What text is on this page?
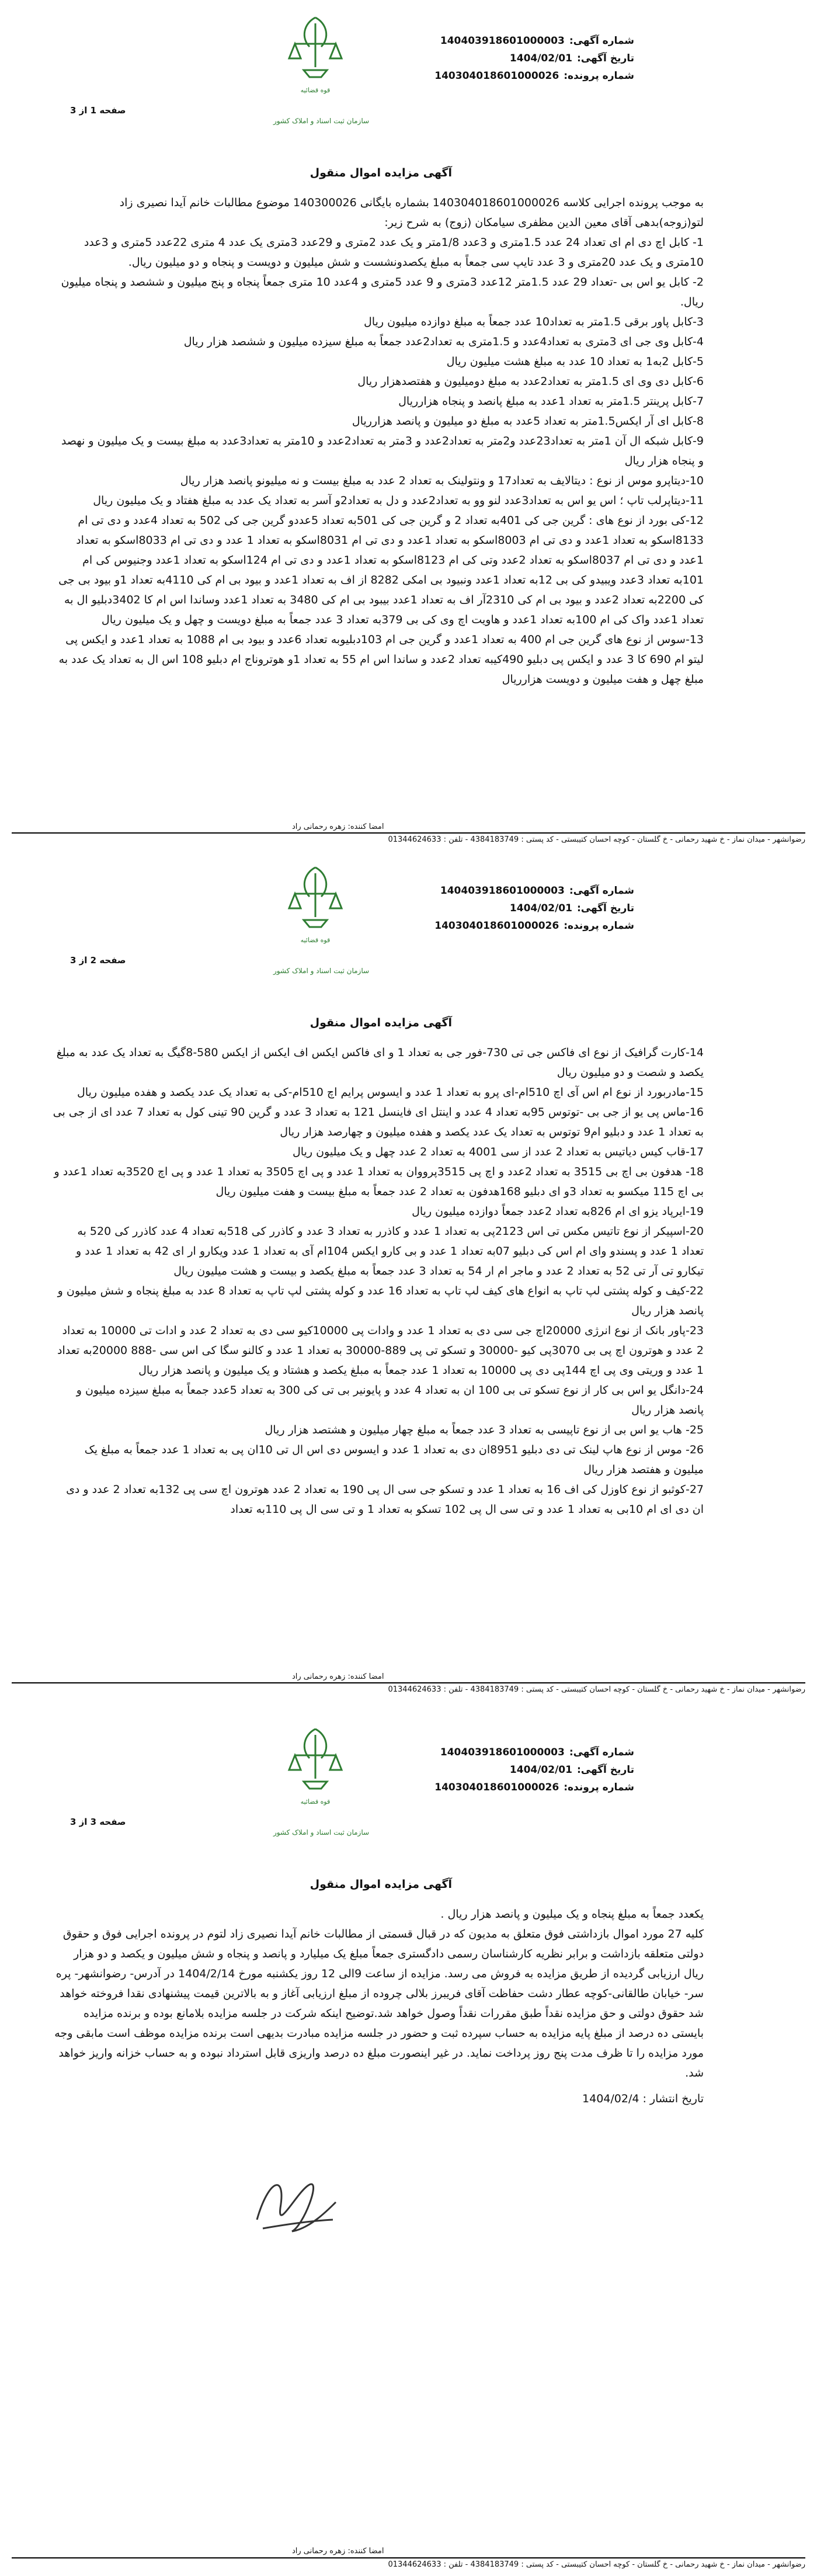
قوه قضائیه
سازمان ثبت اسناد و املاک کشور
شماره آگهی:140403918601000003
تاریخ آگهی:1404/02/01
شماره پرونده:140304018601000026
صفحه 1 از 3
آگهی مزایده اموال منقول

به موجب پرونده اجرایی کلاسه 140304018601000026 بشماره بایگانی 140300026 موضوع مطالبات خانم آیدا نصیری زاد لتو(زوجه)بدهی آقای معین الدین مظفری سیامکان (زوج) به شرح زیر:

1- کابل اچ دی ام ای تعداد 24 عدد 1.5متری و 3عدد 1/8متر و یک عدد 2متری و 29عدد 3متری یک عدد 4 متری 22عدد 5متری و 3عدد 10متری و یک عدد 20متری و 3 عدد تایپ سی جمعاً به مبلغ یکصدونشست و شش میلیون و دویست و پنجاه و دو میلیون ریال.

2- کابل یو اس بی -تعداد 29 عدد 1.5متر 12عدد 3متری و 9 عدد 5متری و 4عدد 10 متری جمعاً پنجاه و پنج میلیون و ششصد و پنجاه میلیون ریال.

3-کابل پاور برقی 1.5متر به تعداد10 عدد جمعاً به مبلغ دوازده میلیون ریال

4-کابل وی جی ای 3متری به تعداد4عدد و 1.5متری به تعداد2عدد جمعاً به مبلغ سیزده میلیون و ششصد هزار ریال

5-کابل 2به1 به تعداد 10 عدد به مبلغ هشت میلیون ریال

6-کابل دی وی ای 1.5متر به تعداد2عدد به مبلغ دومیلیون و هفتصدهزار ریال

7-کابل پرینتر 1.5متر به تعداد 1عدد به مبلغ پانصد و پنجاه هزارریال

8-کابل ای آر ایکس1.5متر به تعداد 5عدد به مبلغ دو میلیون و پانصد هزارریال

9-کابل شبکه ال آن 1متر به تعداد23عدد و2متر به تعداد2عدد و 3متر به تعداد2عدد و 10متر به تعداد3عدد به مبلغ بیست و یک میلیون و نهصد و پنجاه هزار ریال

10-دیتاپرو موس از نوع : دیتالایف به تعداد17 و ونتولینک به تعداد 2 عدد به مبلغ بیست و نه میلیونو پانصد هزار ریال

11-دیتاپرلب تاپ ؛ اس یو اس به تعداد3عدد لنو وو به تعداد2عدد و دل به تعداد2و آسر به تعداد یک عدد به مبلغ هفتاد و یک میلیون ریال

12-کی بورد از نوع های : گرین جی کی 401به تعداد 2 و گرین جی کی 501به تعداد 5عددو گرین جی کی 502 به تعداد 4عدد و دی تی ام 8133اسکو به تعداد 1عدد و دی تی ام 8003اسکو به تعداد 1عدد و دی تی ام 8031اسکو به تعداد 1 عدد و دی تی ام 8033اسکو به تعداد 1عدد و دی تی ام 8037اسکو به تعداد 2عدد وتی کی ام 8123اسکو به تعداد 1عدد و دی تی ام 124اسکو به تعداد 1عدد وجنیوس کی ام 101به تعداد 3عدد ویبیدو کی بی 12به تعداد 1عدد ونبیود بی امکی 8282 از اف به تعداد 1عدد و بیود بی ام کی 4110به تعداد 1و بیود بی جی کی 2200به تعداد 2عدد و بیود بی ام کی 2310آر اف به تعداد 1عدد بیبود بی ام کی 3480 به تعداد 1عدد وساندا اس ام کا 3402دبلیو ال به تعداد 1عدد واک کی ام 100به تعداد 1عدد و هاویت اچ وی کی بی 379به تعداد 3 عدد جمعاً به مبلغ دویست و چهل و یک میلیون ریال

13-سوس از نوع های گرین جی ام 400 به تعداد 1عدد و گرین جی ام 103دبلیوبه تعداد 6عدد و بیود بی ام 1088 به تعداد 1عدد و ایکس پی لیتو ام 690 کا 3 عدد و ایکس پی دبلیو 490کیبه تعداد 2عدد و ساندا اس ام 55 به تعداد 1و هوتروناج ام دبلیو 108 اس ال به تعداد یک عدد به مبلغ چهل و هفت میلیون و دویست هزارریال

امضا کننده: زهره رحمانی راد
رضوانشهر - میدان نماز - خ شهید رحمانی - خ گلستان - کوچه احسان کتیبستی - کد پستی : 4384183749 - تلفن : 01344624633
قوه قضائیه
سازمان ثبت اسناد و املاک کشور
شماره آگهی:140403918601000003
تاریخ آگهی:1404/02/01
شماره پرونده:140304018601000026
صفحه 2 از 3
آگهی مزایده اموال منقول

14-کارت گرافیک از نوع ای فاکس جی تی 730-فور جی به تعداد 1 و ای فاکس ایکس اف ایکس از ایکس 580-8گیگ به تعداد یک عدد به مبلغ یکصد و شصت و دو میلیون ریال

15-مادربورد از نوع ام اس آی اچ 510ام-ای پرو به تعداد 1 عدد و ایسوس پرایم اچ 510ام-کی به تعداد یک عدد یکصد و هفده میلیون ریال

16-ماس پی یو از جی بی -توتوس 95به تعداد 4 عدد و اینتل ای فاینسل 121 به تعداد 3 عدد و گرین 90 تینی کول به تعداد 7 عدد ای از جی بی به تعداد 1 عدد و دبلیو ام9 توتوس به تعداد یک عدد یکصد و هفده میلیون و چهارصد هزار ریال

17-قاب کیس دیاتیس به تعداد 2 عدد از سی 4001 به تعداد 2 عدد چهل و یک میلیون ریال

18- هدفون بی اچ بی 3515 به تعداد 2عدد و اچ پی 3515پرووان به تعداد 1 عدد و پی اچ 3505 به تعداد 1 عدد و پی اچ 3520به تعداد 1عدد و بی اچ 115 میکسو به تعداد 3و ای دبلیو 168هدفون به تعداد 2 عدد جمعاً به مبلغ بیست و هفت میلیون ریال

19-ایرپاد یزو ای ام 826به تعداد 2عدد جمعاً دوازده میلیون ریال

20-اسپیکر از نوع تاتیس مکس تی اس 2123پی به تعداد 1 عدد و کاذرر به تعداد 3 عدد و کاذرر کی 518به تعداد 4 عدد کاذرر کی 520 به تعداد 1 عدد و پسندو وای ام اس کی دبلیو 07به تعداد 1 عدد و بی کارو ایکس 104ام آی به تعداد 1 عدد ویکارو ار ای 42 به تعداد 1 عدد و تیکارو تی آر تی 52 به تعداد 2 عدد و ماجر ام ار 54 به تعداد 3 عدد جمعاً به مبلغ یکصد و بیست و هشت میلیون ریال

22-کیف و کوله پشتی لپ تاپ به انواع های کیف لپ تاپ به تعداد 16 عدد و کوله پشتی لپ تاپ به تعداد 8 عدد به مبلغ پنجاه و شش میلیون و پانصد هزار ریال

23-پاور بانک از نوع انرژی 20000اچ جی سی دی به تعداد 1 عدد و وادات پی 10000کیو سی دی به تعداد 2 عدد و ادات تی 10000 به تعداد 2 عدد و هوترون اچ پی بی 3070پی کیو -30000 و تسکو تی پی 889-30000 به تعداد 1 عدد و کالنو سگا کی اس سی -888 20000به تعداد 1 عدد و وریتی وی پی اچ 144پی دی پی 10000 به تعداد 1 عدد جمعاً به مبلغ یکصد و هشتاد و یک میلیون و پانصد هزار ریال

24-دانگل یو اس بی کار از نوع تسکو تی بی 100 ان به تعداد 4 عدد و پایونیر بی تی کی 300 به تعداد 5عدد جمعاً به مبلغ سیزده میلیون و پانصد هزار ریال

25- هاب یو اس بی از نوع تاپیسی به تعداد 3 عدد جمعاً به مبلغ چهار میلیون و هشتصد هزار ریال

26- موس از نوع هاپ لینک تی دی دبلیو 8951ان دی به تعداد 1 عدد و ایسوس دی اس ال تی 10ان پی به تعداد 1 عدد جمعاً به مبلغ یک میلیون و هفتصد هزار ریال

27-کوثبو از نوع کاوزل کی اف 16 به تعداد 1 عدد و تسکو جی سی ال پی 190 به تعداد 2 عدد هوترون اچ سی پی 132به تعداد 2 عدد و دی ان دی ای ام 10بی به تعداد 1 عدد و تی سی ال پی 102 تسکو به تعداد 1 و تی سی ال پی 110به تعداد

امضا کننده: زهره رحمانی راد
رضوانشهر - میدان نماز - خ شهید رحمانی - خ گلستان - کوچه احسان کتیبستی - کد پستی : 4384183749 - تلفن : 01344624633
قوه قضائیه
سازمان ثبت اسناد و املاک کشور
شماره آگهی:140403918601000003
تاریخ آگهی:1404/02/01
شماره پرونده:140304018601000026
صفحه 3 از 3
آگهی مزایده اموال منقول

یکعدد جمعاً به مبلغ پنجاه و یک میلیون و پانصد هزار ریال .

کلیه 27 مورد اموال بازداشتی فوق متعلق به مدیون که در قبال قسمتی از مطالبات خانم آیدا نصیری زاد لتوم در پرونده اجرایی فوق و حقوق دولتی متعلقه بازداشت و برابر نظریه کارشناسان رسمی دادگستری جمعاً مبلغ یک میلیارد و پانصد و پنجاه و شش میلیون و یکصد و دو هزار ریال ارزیابی گردیده از طریق مزایده به فروش می رسد. مزایده از ساعت 9الی 12 روز یکشنبه مورخ 1404/2/14 در آدرس- رضوانشهر- پره سر- خیابان طالقانی-کوچه عطار دشت حفاظت آقای فریبرز بلالی چروده از مبلغ ارزیابی آغاز و به بالاترین قیمت پیشنهادی نقدا فروخته خواهد شد حقوق دولتی و حق مزایده نقداً طبق مقررات نقداً وصول خواهد شد.توضیح اینکه شرکت در جلسه مزایده بلامانع بوده و برنده مزایده بایستی ده درصد از مبلغ پایه مزایده به حساب سپرده ثبت و حضور در جلسه مزایده مبادرت بدیهی است برنده مزایده موظف است مابقی وجه مورد مزایده را تا ظرف مدت پنج روز پرداخت نماید. در غیر اینصورت مبلغ ده درصد واریزی قابل استرداد نبوده و به حساب خزانه واریز خواهد شد.

تاریخ انتشار : 1404/02/4
امضا کننده: زهره رحمانی راد
رضوانشهر - میدان نماز - خ شهید رحمانی - خ گلستان - کوچه احسان کتیبستی - کد پستی : 4384183749 - تلفن : 01344624633
